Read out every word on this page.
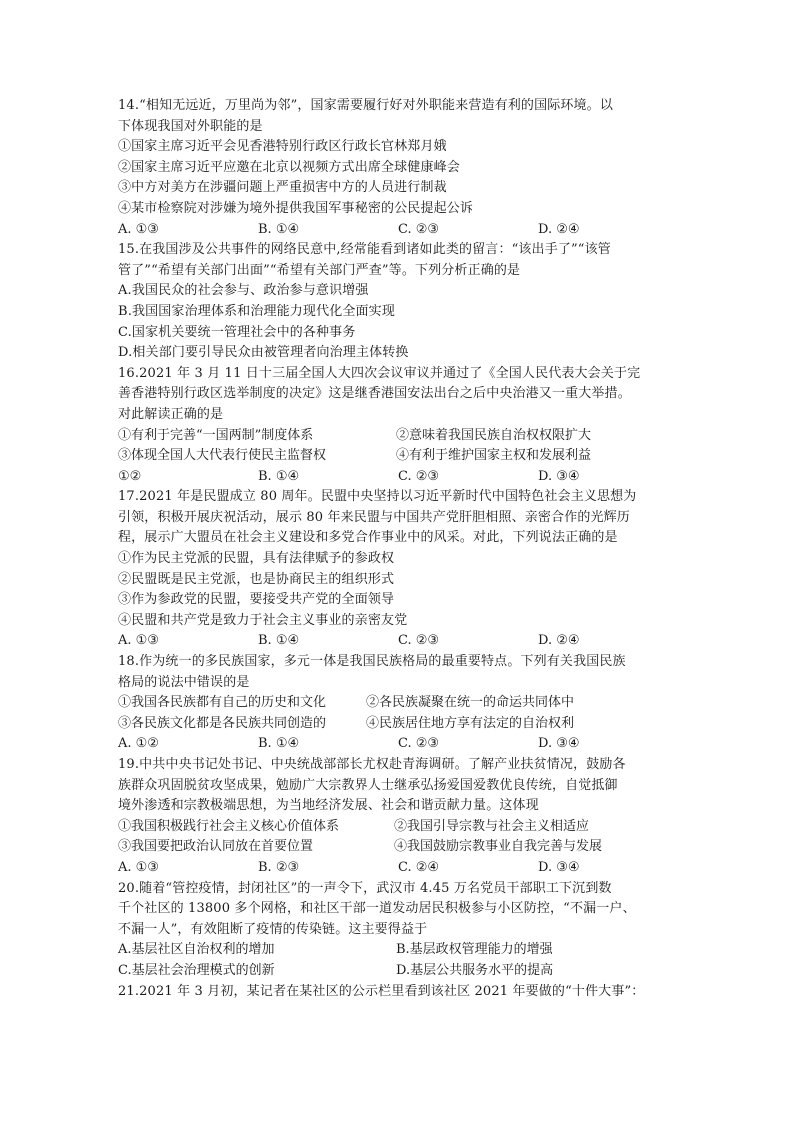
14.“相知无远近，万里尚为邻”，国家需要履行好对外职能来营造有利的国际环境。以
下体现我国对外职能的是
①国家主席习近平会见香港特别行政区行政长官林郑月娥
②国家主席习近平应邀在北京以视频方式出席全球健康峰会
③中方对美方在涉疆问题上严重损害中方的人员进行制裁
④某市检察院对涉嫌为境外提供我国军事秘密的公民提起公诉
A. ①③	B. ①④	C. ②③	D. ②④
15.在我国涉及公共事件的网络民意中,经常能看到诸如此类的留言：“该出手了”“该管
管了”“希望有关部门出面”“希望有关部门严查”等。下列分析正确的是
A.我国民众的社会参与、政治参与意识增强
B.我国国家治理体系和治理能力现代化全面实现
C.国家机关要统一管理社会中的各种事务
D.相关部门要引导民众由被管理者向治理主体转换
16.2021 年 3 月 11 日十三届全国人大四次会议审议并通过了《全国人民代表大会关于完
善香港特别行政区选举制度的决定》这是继香港国安法出台之后中央治港又一重大举措。
对此解读正确的是
①有利于完善“一国两制”制度体系	②意味着我国民族自治权权限扩大
③体现全国人大代表行使民主监督权	④有利于维护国家主权和发展利益
①②	B. ①④	C. ②③	D. ③④
17.2021 年是民盟成立 80 周年。民盟中央坚持以习近平新时代中国特色社会主义思想为
引领，积极开展庆祝活动，展示 80 年来民盟与中国共产党肝胆相照、亲密合作的光辉历
程，展示广大盟员在社会主义建设和多党合作事业中的风采。对此，下列说法正确的是
①作为民主党派的民盟，具有法律赋予的参政权
②民盟既是民主党派，也是协商民主的组织形式
③作为参政党的民盟，要接受共产党的全面领导
④民盟和共产党是致力于社会主义事业的亲密友党
A. ①③	B. ①④	C. ②③	D. ②④
18.作为统一的多民族国家，多元一体是我国民族格局的最重要特点。下列有关我国民族
格局的说法中错误的是
①我国各民族都有自己的历史和文化	②各民族凝聚在统一的命运共同体中
③各民族文化都是各民族共同创造的	④民族居住地方享有法定的自治权利
A. ①②	B. ①④	C. ②③	D. ③④
19.中共中央书记处书记、中央统战部部长尤权赴青海调研。了解产业扶贫情况，鼓励各
族群众巩固脱贫攻坚成果，勉励广大宗教界人士继承弘扬爱国爱教优良传统，自觉抵御
境外渗透和宗教极端思想，为当地经济发展、社会和谐贡献力量。这体现
①我国积极践行社会主义核心价值体系	②我国引导宗教与社会主义相适应
③我国要把政治认同放在首要位置	④我国鼓励宗教事业自我完善与发展
A. ①③	B. ②③	C. ②④	D. ③④
20.随着“管控疫情，封闭社区”的一声令下，武汉市 4.45 万名党员干部职工下沉到数
千个社区的 13800 多个网格，和社区干部一道发动居民积极参与小区防控，“不漏一户、
不漏一人”，有效阻断了疫情的传染链。这主要得益于
A.基层社区自治权利的增加	B.基层政权管理能力的增强
C.基层社会治理模式的创新	D.基层公共服务水平的提高
21.2021 年 3 月初，某记者在某社区的公示栏里看到该社区 2021 年要做的“十件大事”：
